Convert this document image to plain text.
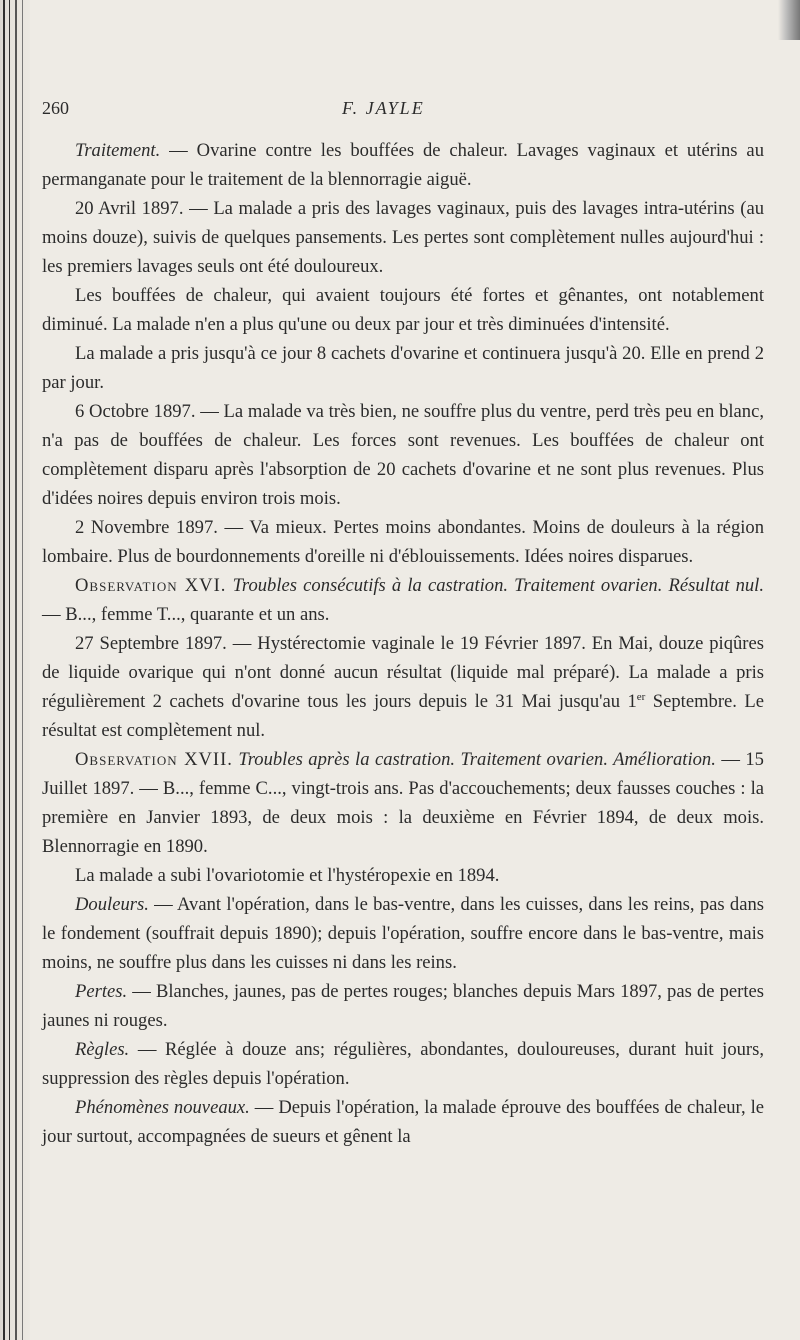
260	F. JAYLE

Traitement. — Ovarine contre les bouffées de chaleur. Lavages vaginaux et utérins au permanganate pour le traitement de la blennorragie aiguë.

20 Avril 1897. — La malade a pris des lavages vaginaux, puis des lavages intra-utérins (au moins douze), suivis de quelques pansements. Les pertes sont complètement nulles aujourd'hui : les premiers lavages seuls ont été douloureux.

Les bouffées de chaleur, qui avaient toujours été fortes et gênantes, ont notablement diminué. La malade n'en a plus qu'une ou deux par jour et très diminuées d'intensité.

La malade a pris jusqu'à ce jour 8 cachets d'ovarine et continuera jusqu'à 20. Elle en prend 2 par jour.

6 Octobre 1897. — La malade va très bien, ne souffre plus du ventre, perd très peu en blanc, n'a pas de bouffées de chaleur. Les forces sont revenues. Les bouffées de chaleur ont complètement disparu après l'absorption de 20 cachets d'ovarine et ne sont plus revenues. Plus d'idées noires depuis environ trois mois.

2 Novembre 1897. — Va mieux. Pertes moins abondantes. Moins de douleurs à la région lombaire. Plus de bourdonnements d'oreille ni d'éblouissements. Idées noires disparues.

Observation XVI. Troubles consécutifs à la castration. Traitement ovarien. Résultat nul. — B..., femme T..., quarante et un ans.

27 Septembre 1897. — Hystérectomie vaginale le 19 Février 1897. En Mai, douze piqûres de liquide ovarique qui n'ont donné aucun résultat (liquide mal préparé). La malade a pris régulièrement 2 cachets d'ovarine tous les jours depuis le 31 Mai jusqu'au 1er Septembre. Le résultat est complètement nul.

Observation XVII. Troubles après la castration. Traitement ovarien. Amélioration. — 15 Juillet 1897. — B..., femme C..., vingt-trois ans. Pas d'accouchements; deux fausses couches : la première en Janvier 1893, de deux mois : la deuxième en Février 1894, de deux mois. Blennorragie en 1890.

La malade a subi l'ovariotomie et l'hystéropexie en 1894.

Douleurs. — Avant l'opération, dans le bas-ventre, dans les cuisses, dans les reins, pas dans le fondement (souffrait depuis 1890); depuis l'opération, souffre encore dans le bas-ventre, mais moins, ne souffre plus dans les cuisses ni dans les reins.

Pertes. — Blanches, jaunes, pas de pertes rouges; blanches depuis Mars 1897, pas de pertes jaunes ni rouges.

Règles. — Réglée à douze ans; régulières, abondantes, douloureuses, durant huit jours, suppression des règles depuis l'opération.

Phénomènes nouveaux. — Depuis l'opération, la malade éprouve des bouffées de chaleur, le jour surtout, accompagnées de sueurs et gênent la
